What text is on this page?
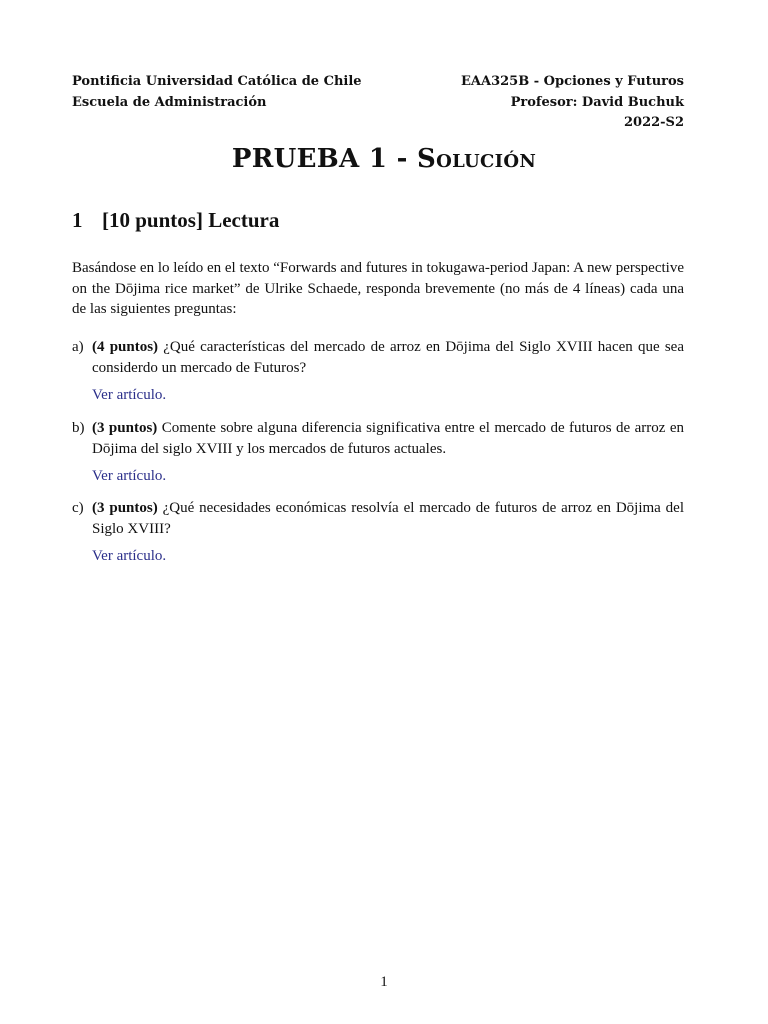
Pontificia Universidad Católica de Chile
Escuela de Administración
EAA325B - Opciones y Futuros
Profesor: David Buchuk
2022-S2
PRUEBA 1 - Solución
1 [10 puntos] Lectura
Basándose en lo leído en el texto “Forwards and futures in tokugawa-period Japan: A new perspective on the Dōjima rice market” de Ulrike Schaede, responda brevemente (no más de 4 líneas) cada una de las siguientes preguntas:
a) (4 puntos) ¿Qué características del mercado de arroz en Dōjima del Siglo XVIII hacen que sea considerdo un mercado de Futuros?
Ver artículo.
b) (3 puntos) Comente sobre alguna diferencia significativa entre el mercado de futuros de arroz en Dōjima del siglo XVIII y los mercados de futuros actuales.
Ver artículo.
c) (3 puntos) ¿Qué necesidades económicas resolvía el mercado de futuros de arroz en Dōjima del Siglo XVIII?
Ver artículo.
1
